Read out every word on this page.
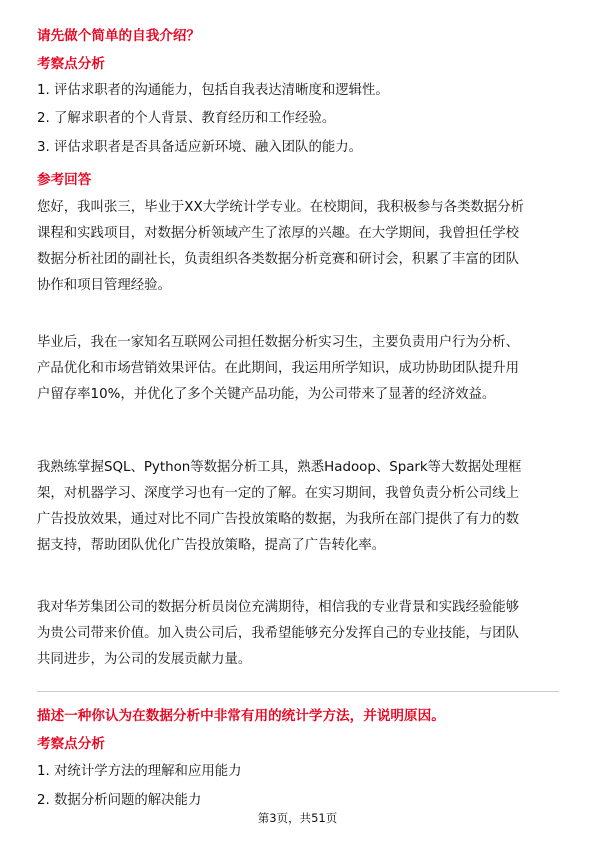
请先做个简单的自我介绍？
考察点分析
1. 评估求职者的沟通能力，包括自我表达清晰度和逻辑性。
2. 了解求职者的个人背景、教育经历和工作经验。
3. 评估求职者是否具备适应新环境、融入团队的能力。
参考回答
您好，我叫张三，毕业于XX大学统计学专业。在校期间，我积极参与各类数据分析
课程和实践项目，对数据分析领域产生了浓厚的兴趣。在大学期间，我曾担任学校
数据分析社团的副社长，负责组织各类数据分析竞赛和研讨会，积累了丰富的团队
协作和项目管理经验。
毕业后，我在一家知名互联网公司担任数据分析实习生，主要负责用户行为分析、
产品优化和市场营销效果评估。在此期间，我运用所学知识，成功协助团队提升用
户留存率10%，并优化了多个关键产品功能，为公司带来了显著的经济效益。
我熟练掌握SQL、Python等数据分析工具，熟悉Hadoop、Spark等大数据处理框
架，对机器学习、深度学习也有一定的了解。在实习期间，我曾负责分析公司线上
广告投放效果，通过对比不同广告投放策略的数据，为我所在部门提供了有力的数
据支持，帮助团队优化广告投放策略，提高了广告转化率。
我对华芳集团公司的数据分析员岗位充满期待，相信我的专业背景和实践经验能够
为贵公司带来价值。加入贵公司后，我希望能够充分发挥自己的专业技能，与团队
共同进步，为公司的发展贡献力量。
描述一种你认为在数据分析中非常有用的统计学方法，并说明原因。
考察点分析
1. 对统计学方法的理解和应用能力
2. 数据分析问题的解决能力
第3页，共51页
